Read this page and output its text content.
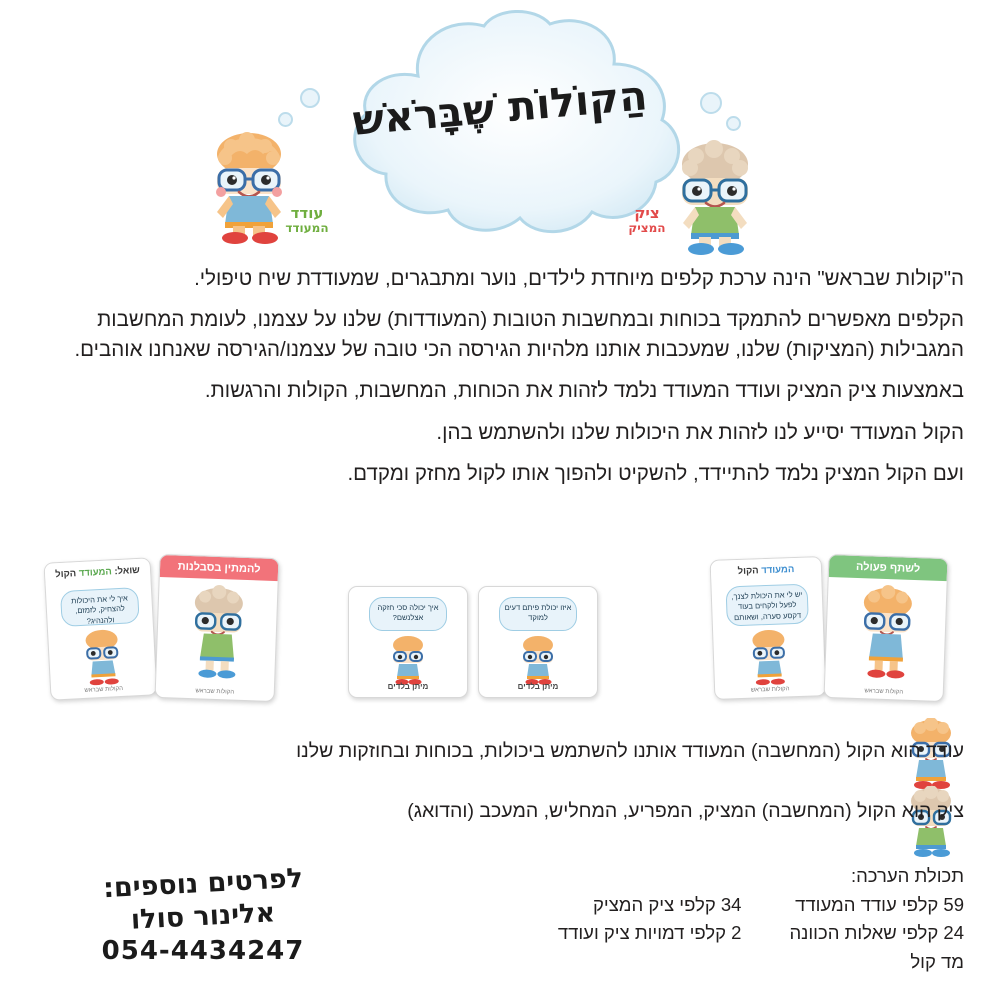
הַקוֹלוֹת שֶׁבָּרֹאשׁ
עודד
המעודד
ציק
המציק

ה"קולות שבראש" הינה ערכת קלפים מיוחדת לילדים, נוער ומתבגרים, שמעודדת שיח טיפולי.

הקלפים מאפשרים להתמקד בכוחות ובמחשבות הטובות (המעודדות) שלנו על עצמנו, לעומת המחשבות המגבילות (המציקות) שלנו, שמעכבות אותנו מלהיות הגירסה הכי טובה של עצמנו/הגירסה שאנחנו אוהבים.

באמצעות ציק המציק ועודד המעודד נלמד לזהות את הכוחות, המחשבות, הקולות והרגשות.

הקול המעודד יסייע לנו לזהות את היכולות שלנו ולהשתמש בהן.

ועם הקול המציק נלמד להתיידד, להשקיט ולהפוך אותו לקול מחזק ומקדם.

שואל:

המעודד

הקול
איך לי את היכולות להצחיק, לזמזם, ולהנהיג?
הקולות שבראש
להמתין בסבלנות
הקולות שבראש
איך יכולה סכי חזקה אצלנשם?
מיתן בלדים
איזו יכולת פיתם דעים למוקד
מיתן בלדים
המעודד

הקול
יש לי את היכולת לצנך, לפעל ולקחים בעוד דקסע סערה, ושאותם
הקולות שבראש
לשתף פעולה
הקולות שבראש
עודד הוא הקול (המחשבה) המעודד אותנו להשתמש ביכולות, בכוחות ובחוזקות שלנו
ציק הוא הקול (המחשבה) המציק, המפריע, המחליש, המעכב (והדואג)
תכולת הערכה:
59 קלפי עודד המעודד
24 קלפי שאלות הכוונה
מד קול
34 קלפי ציק המציק
2 קלפי דמויות ציק ועודד
לפרטים נוספים:
אלינור סולו
054-4434247
